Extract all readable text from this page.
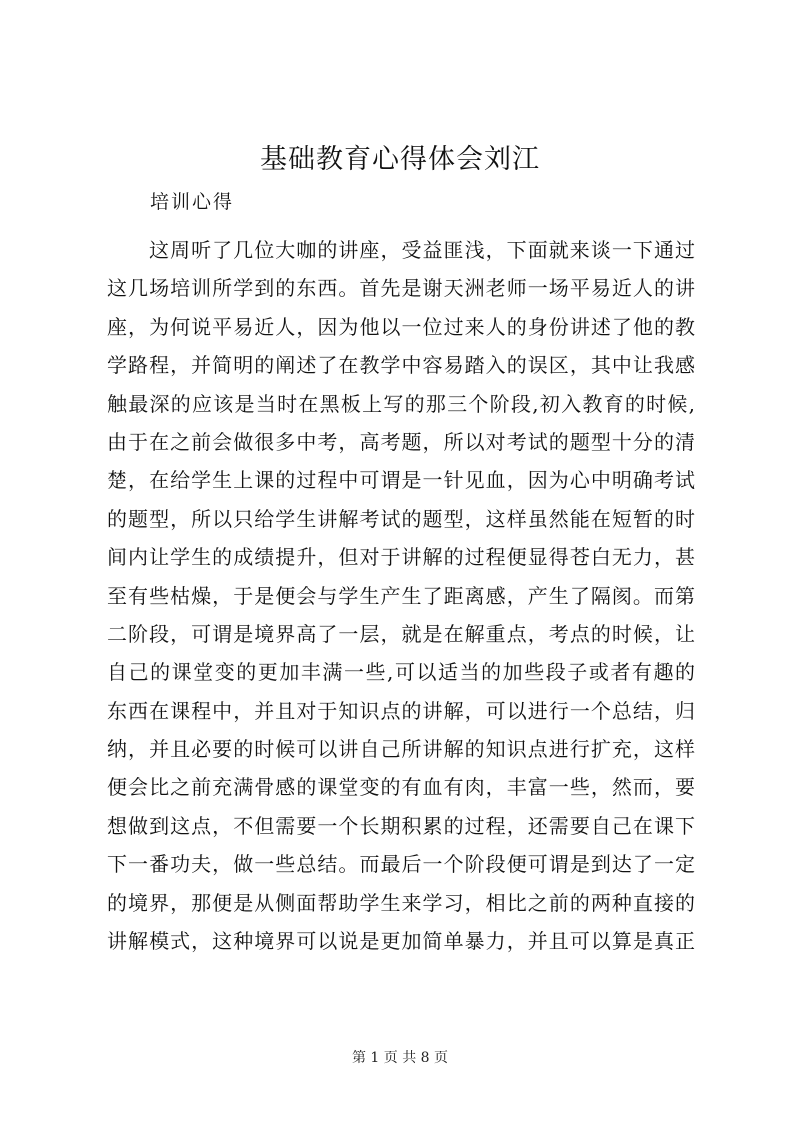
基础教育心得体会刘江
培训心得
这周听了几位大咖的讲座，受益匪浅，下面就来谈一下通过
这几场培训所学到的东西。首先是谢天洲老师一场平易近人的讲
座，为何说平易近人，因为他以一位过来人的身份讲述了他的教
学路程，并简明的阐述了在教学中容易踏入的误区，其中让我感
触最深的应该是当时在黑板上写的那三个阶段,初入教育的时候,
由于在之前会做很多中考，高考题，所以对考试的题型十分的清
楚，在给学生上课的过程中可谓是一针见血，因为心中明确考试
的题型，所以只给学生讲解考试的题型，这样虽然能在短暂的时
间内让学生的成绩提升，但对于讲解的过程便显得苍白无力，甚
至有些枯燥，于是便会与学生产生了距离感，产生了隔阂。而第
二阶段，可谓是境界高了一层，就是在解重点，考点的时候，让
自己的课堂变的更加丰满一些,可以适当的加些段子或者有趣的
东西在课程中，并且对于知识点的讲解，可以进行一个总结，归
纳，并且必要的时候可以讲自己所讲解的知识点进行扩充，这样
便会比之前充满骨感的课堂变的有血有肉，丰富一些，然而，要
想做到这点，不但需要一个长期积累的过程，还需要自己在课下
下一番功夫，做一些总结。而最后一个阶段便可谓是到达了一定
的境界，那便是从侧面帮助学生来学习，相比之前的两种直接的
讲解模式，这种境界可以说是更加简单暴力，并且可以算是真正
第 1 页 共 8 页
